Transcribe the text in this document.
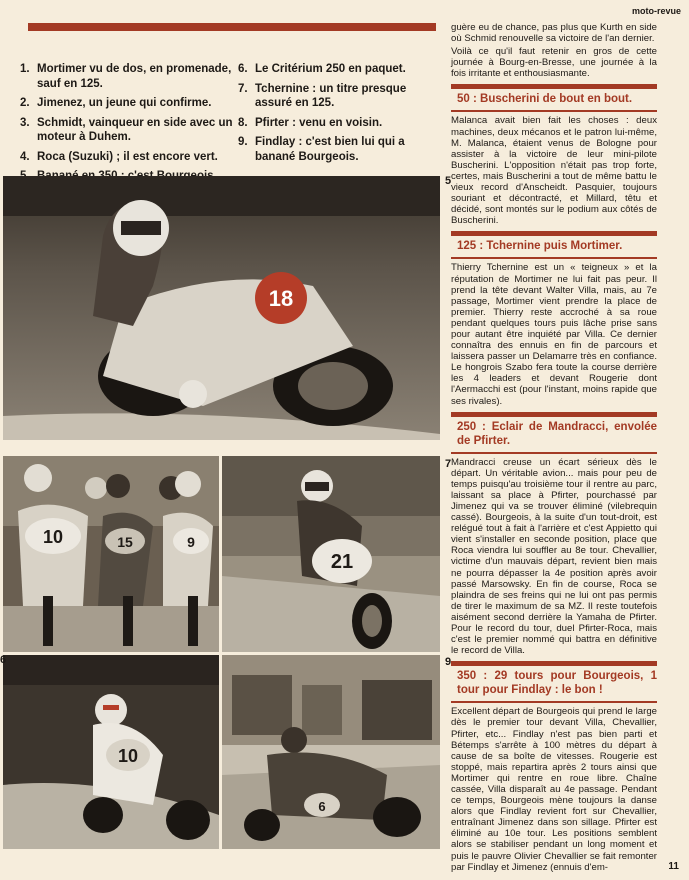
moto-revue
1. Mortimer vu de dos, en promenade, sauf en 125.
2. Jimenez, un jeune qui confirme.
3. Schmidt, vainqueur en side avec un moteur à Duhem.
4. Roca (Suzuki) ; il est encore vert.
6. Le Critérium 250 en paquet.
7. Tchernine : un titre presque assuré en 125.
8. Pfirter : venu en voisin.
9. Findlay : c'est bien lui qui a banané Bourgeois.
18
5
10	15	9
21
7
10
6
6
9

guère eu de chance, pas plus que Kurth en side où Schmid renouvelle sa victoire de l'an dernier.

Voilà ce qu'il faut retenir en gros de cette journée à Bourg-en-Bresse, une journée à la fois irritante et enthousiasmante.

50 : Buscherini de bout en bout.

Malanca avait bien fait les choses : deux machines, deux mécanos et le patron lui-même, M. Malanca, étaient venus de Bologne pour assister à la victoire de leur mini-pilote Buscherini. L'opposition n'était pas trop forte, certes, mais Buscherini a tout de même battu le vieux record d'Anscheidt. Pasquier, toujours souriant et décontracté, et Millard, têtu et décidé, sont montés sur le podium aux côtés de Buscherini.

125 : Tchernine puis Mortimer.

Thierry Tchernine est un « teigneux » et la réputation de Mortimer ne lui fait pas peur. Il prend la tête devant Walter Villa, mais, au 7e passage, Mortimer vient prendre la place de premier. Thierry reste accroché à sa roue pendant quelques tours puis lâche prise sans pour autant être inquiété par Villa. Ce dernier connaîtra des ennuis en fin de parcours et laissera passer un Delamarre très en confiance. Le hongrois Szabo fera toute la course derrière les 4 leaders et devant Rougerie dont l'Aermacchi est (pour l'instant, moins rapide que ses rivales).

250 : Eclair de Mandracci, envolée de Pfirter.

Mandracci creuse un écart sérieux dès le départ. Un véritable avion... mais pour peu de temps puisqu'au troisième tour il rentre au parc, laissant sa place à Pfirter, pourchassé par Jimenez qui va se trouver éliminé (vilebrequin cassé). Bourgeois, à la suite d'un tout-droit, est relégué tout à fait à l'arrière et c'est Appietto qui vient s'installer en seconde position, place que Roca viendra lui souffler au 8e tour. Chevallier, victime d'un mauvais départ, revient bien mais ne pourra dépasser la 4e position après avoir passé Marsowsky. En fin de course, Roca se plaindra de ses freins qui ne lui ont pas permis de tirer le maximum de sa MZ. Il reste toutefois aisément second derrière la Yamaha de Pfirter. Pour le record du tour, duel Pfirter-Roca, mais c'est le premier nommé qui battra en définitive le record de Villa.

350 : 29 tours pour Bourgeois, 1 tour pour Findlay : le bon !

Excellent départ de Bourgeois qui prend le large dès le premier tour devant Villa, Chevallier, Pfirter, etc... Findlay n'est pas bien parti et Bétemps s'arrête à 100 mètres du départ à cause de sa boîte de vitesses. Rougerie est stoppé, mais repartira après 2 tours ainsi que Mortimer qui rentre en roue libre. Chaîne cassée, Villa disparaît au 4e passage. Pendant ce temps, Bourgeois mène toujours la danse alors que Findlay revient fort sur Chevallier, entraînant Jimenez dans son sillage. Pfirter est éliminé au 10e tour. Les positions semblent alors se stabiliser pendant un long moment et puis le pauvre Olivier Chevallier se fait remonter par Findlay et Jimenez (ennuis d'em-	11
